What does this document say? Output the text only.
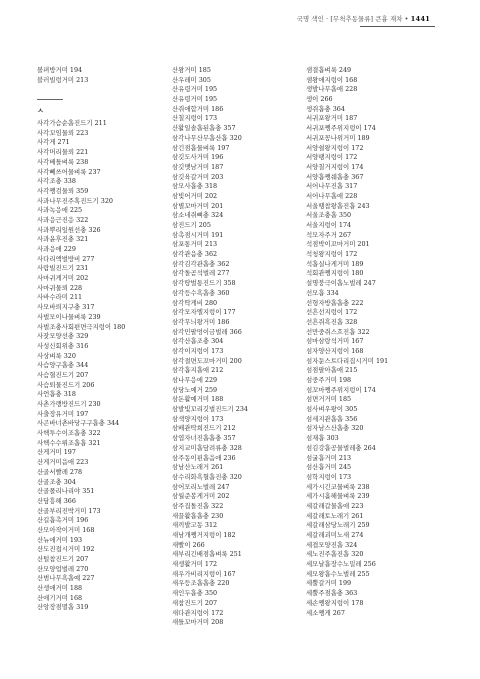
국명 색인 · [무척추동물류] 큰흉 재차 • 1441
볼펴방거미 194
블러빌렁거미 213
ㅅ
사각가슴순흡진드기 211
사각꼬임물뢰 223
사각게 271
사각머리물뢰 221
사각베틀벼룩 238
사각뻬쓰어물벼룩 237
사각조충 338
사각쨍검물뢰 359
사과나무진주혹진드기 320
사과녹응애 225
사과응근진응 322
사과뿌리잎원선충 326
사과윤후진충 321
사과응애 229
사다리액벌방비 277
사람빌진드기 231
사마귀게거미 202
사마귀물뢰 228
사바수라미 211
사모바뢰지구충 317
사벌모이나물벼룩 239
사벌조충사회편면극지렁이 180
사잣모양선충 329
사성신회위충 316
사상벼룩 320
사슴양구흡충 344
사슴혈진드기 207
사슴퇴물진드기 206
사언흡충 318
사촌가랭방진드기 230
사출장유거미 197
사곤바너촌바당구구흡충 344
사헥투수이조흡충 322
사헥수수뤼조흡흡 321
산게거미 197
산게거미음애 223
산골서빨레 278
산골조충 304
산골폴리나리야 351
산담흥해 366
산골부리진박거미 173
산길흡촉거미 196
산모아작이거미 168
산뉴애거미 193
산도진접시거미 192
산털참진드기 207
산모양업벌레 270
산범나무흑흡예 227
산생애거미 188
산애기거미 168
산앙장점멸흡 319
산왕거미 185
산우레미 305
산유령거미 195
산유령거미 195
산쥐애합거미 186
산칠지렁이 173
산활일솔흡된흡충 357
삼각나무산무흡산흡 320
삼긴점흡물벼룩 197
삼깃도사거미 196
삼깃맷남거미 187
삼깃육갈거미 203
삼모사흡충 318
삼빛어거미 202
삼별꼬마거미 201
삼소네쥐뼈충 324
삼진드기 205
삼촉점시거미 191
삼포통거미 213
삼각관음충 362
삼각김각관흡충 362
삼각돌곰석벌레 277
삼각땅벌통진드기 358
삼각등수흑흡충 360
삼각딱게비 280
삼각모자엘지렁이 177
삼각무늬왕거미 186
삼각민팔멍이금벌레 366
삼각산흡조충 304
삼각이지렁이 173
삼각절면도꼬마거미 200
삼각흡지흡애 212
삼나무응애 229
삼당노예거 259
삼돈활예거미 188
삼발빛꼬리깃벌진드기 234
삼색양지렁이 173
삼배관딱희진드기 212
삼엽자너진흡흡충 357
삼지교미흡담려류충 328
삼주동이핀흡음애 236
삼남산노래거 261
삼수리화흑혈흡진충 320
삼어모리노벌레 247
삼월준봉게거미 202
삼주집돌진흡 322
새끌활흡흡충 230
새끼발고동 312
새남개쨍거지렁이 182
새빨이 266
새부리긴배점흡벼룩 251
새생활거미 172
새우가비리지렁이 167
새우등조흡흡충 220
새인두흡충 350
새참진드기 207
새다관지렁이 172
새틀꼬마거미 208
샘결흡벼룩 249
샘왕애지렁이 168
생발나무흡애 228
생이 266
생쥐흡충 364
서귀포왕거미 187
서귀포쨍주위지렁이 174
서귀포꽁나위거미 189
서양쉴왕지렁이 172
서양팽지렁이 172
서양칠거지렁이 174
서양흡쨍쉐흡충 367
서어나무진흡 317
서어나무흡애 228
서울땡참왕흡진흡 243
서울조충흡 350
서울지렁이 174
석모자주거 267
석점박이꼬마거미 201
석청왕지렁이 172
석흡실나게거미 189
석회관쨍지렁이 180
설명붕극이흡노벌레 247
선모흡 334
선형자방흡흡충 222
선흔선지렁이 172
선흔쥐흑진흡 328
선만중쥐스흐진흡 322
섬마삼랑석거미 167
섬자양산지렁이 168
섬자둔스트다리집시거미 191
섬점팔아흡애 215
섬중주거미 198
섬꼬마쨍주위지렁이 174
섬면거거미 185
섬사벼우왕이 305
섬세지관흡흡 356
섬자남스산흡충 320
섬재흡 303
섬김강흡공물벌레충 264
섬굴흡거미 213
섬산흡거미 245
섬학지렁이 173
세가시긴코물벼룩 238
세가시흘해물벼룩 239
세갈래갑물흡애 223
세갈래토노래기 261
세갈래삼당노래기 259
세갈래괴미노새 274
세겹모양진흡 324
세노진주흡진흡 320
세모날흡장수노밀레 256
세모왕흡수노벌레 255
세뿔갈거미 199
세뿔주점흡충 363
세손쨍왕지렁이 178
세소쨍게 267
